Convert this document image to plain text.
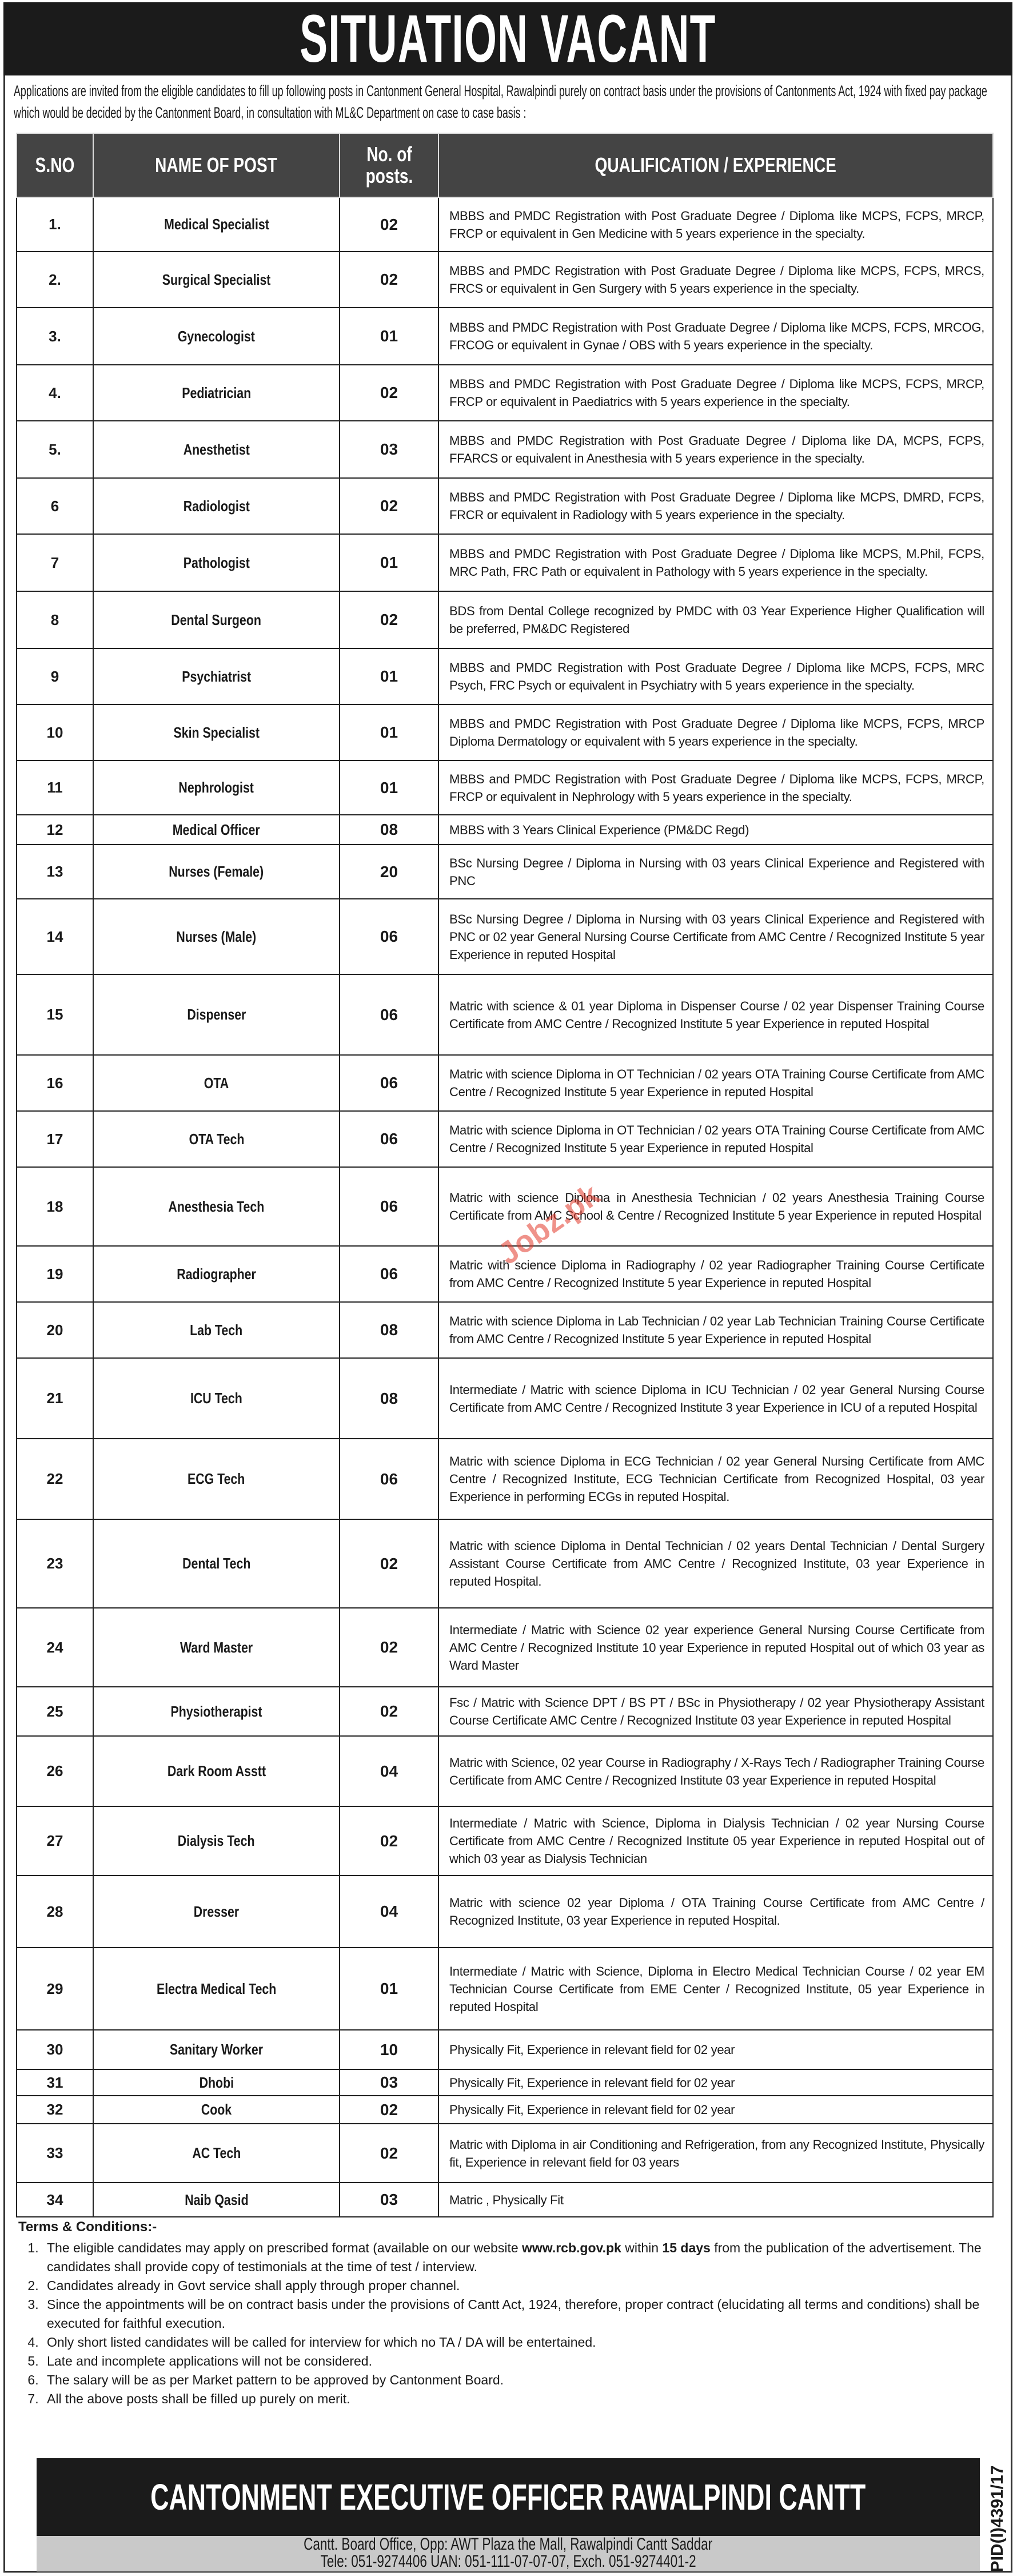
SITUATION VACANT
Applications are invited from the eligible candidates to fill up following posts in Cantonment General Hospital, Rawalpindi purely on contract basis under the provisions of Cantonments Act, 1924 with fixed pay package which would be decided by the Cantonment Board, in consultation with ML&C Department on case to case basis :
S.NO	NAME OF POST	No. of posts.	QUALIFICATION / EXPERIENCE
1.	Medical Specialist	02	MBBS and PMDC Registration with Post Graduate Degree / Diploma like MCPS, FCPS, MRCP, FRCP or equivalent in Gen Medicine with 5 years experience in the specialty.
2.	Surgical Specialist	02	MBBS and PMDC Registration with Post Graduate Degree / Diploma like MCPS, FCPS, MRCS, FRCS or equivalent in Gen Surgery with 5 years experience in the specialty.
3.	Gynecologist	01	MBBS and PMDC Registration with Post Graduate Degree / Diploma like MCPS, FCPS, MRCOG, FRCOG or equivalent in Gynae / OBS with 5 years experience in the specialty.
4.	Pediatrician	02	MBBS and PMDC Registration with Post Graduate Degree / Diploma like MCPS, FCPS, MRCP, FRCP or equivalent in Paediatrics with 5 years experience in the specialty.
5.	Anesthetist	03	MBBS and PMDC Registration with Post Graduate Degree / Diploma like DA, MCPS, FCPS, FFARCS or equivalent in Anesthesia with 5 years experience in the specialty.
6	Radiologist	02	MBBS and PMDC Registration with Post Graduate Degree / Diploma like MCPS, DMRD, FCPS, FRCR or equivalent in Radiology with 5 years experience in the specialty.
7	Pathologist	01	MBBS and PMDC Registration with Post Graduate Degree / Diploma like MCPS, M.Phil, FCPS, MRC Path, FRC Path or equivalent in Pathology with 5 years experience in the specialty.
8	Dental Surgeon	02	BDS from Dental College recognized by PMDC with 03 Year Experience Higher Qualification will be preferred, PM&DC Registered
9	Psychiatrist	01	MBBS and PMDC Registration with Post Graduate Degree / Diploma like MCPS, FCPS, MRC Psych, FRC Psych or equivalent in Psychiatry with 5 years experience in the specialty.
10	Skin Specialist	01	MBBS and PMDC Registration with Post Graduate Degree / Diploma like MCPS, FCPS, MRCP Diploma Dermatology or equivalent with 5 years experience in the specialty.
11	Nephrologist	01	MBBS and PMDC Registration with Post Graduate Degree / Diploma like MCPS, FCPS, MRCP, FRCP or equivalent in Nephrology with 5 years experience in the specialty.
12	Medical Officer	08	MBBS with 3 Years Clinical Experience (PM&DC Regd)
13	Nurses (Female)	20	BSc Nursing Degree / Diploma in Nursing with 03 years Clinical Experience and Registered with PNC
14	Nurses (Male)	06	BSc Nursing Degree / Diploma in Nursing with 03 years Clinical Experience and Registered with PNC or 02 year General Nursing Course Certificate from AMC Centre / Recognized Institute 5 year Experience in reputed Hospital
15	Dispenser	06	Matric with science & 01 year Diploma in Dispenser Course / 02 year Dispenser Training Course Certificate from AMC Centre / Recognized Institute 5 year Experience in reputed Hospital
16	OTA	06	Matric with science Diploma in OT Technician / 02 years OTA Training Course Certificate from AMC Centre / Recognized Institute 5 year Experience in reputed Hospital
17	OTA Tech	06	Matric with science Diploma in OT Technician / 02 years OTA Training Course Certificate from AMC Centre / Recognized Institute 5 year Experience in reputed Hospital
18	Anesthesia Tech	06	Matric with science Diploma in Anesthesia Technician / 02 years Anesthesia Training Course Certificate from AMC School & Centre / Recognized Institute 5 year Experience in reputed Hospital
19	Radiographer	06	Matric with science Diploma in Radiography / 02 year Radiographer Training Course Certificate from AMC Centre / Recognized Institute 5 year Experience in reputed Hospital
20	Lab Tech	08	Matric with science Diploma in Lab Technician / 02 year Lab Technician Training Course Certificate from AMC Centre / Recognized Institute 5 year Experience in reputed Hospital
21	ICU Tech	08	Intermediate / Matric with science Diploma in ICU Technician / 02 year General Nursing Course Certificate from AMC Centre / Recognized Institute 3 year Experience in ICU of a reputed Hospital
22	ECG Tech	06	Matric with science Diploma in ECG Technician / 02 year General Nursing Certificate from AMC Centre / Recognized Institute, ECG Technician Certificate from Recognized Hospital, 03 year Experience in performing ECGs in reputed Hospital.
23	Dental Tech	02	Matric with science Diploma in Dental Technician / 02 years Dental Technician / Dental Surgery Assistant Course Certificate from AMC Centre / Recognized Institute, 03 year Experience in reputed Hospital.
24	Ward Master	02	Intermediate / Matric with Science 02 year experience General Nursing Course Certificate from AMC Centre / Recognized Institute 10 year Experience in reputed Hospital out of which 03 year as Ward Master
25	Physiotherapist	02	Fsc / Matric with Science DPT / BS PT / BSc in Physiotherapy / 02 year Physiotherapy Assistant Course Certificate AMC Centre / Recognized Institute 03 year Experience in reputed Hospital
26	Dark Room Asstt	04	Matric with Science, 02 year Course in Radiography / X-Rays Tech / Radiographer Training Course Certificate from AMC Centre / Recognized Institute 03 year Experience in reputed Hospital
27	Dialysis Tech	02	Intermediate / Matric with Science, Diploma in Dialysis Technician / 02 year Nursing Course Certificate from AMC Centre / Recognized Institute 05 year Experience in reputed Hospital out of which 03 year as Dialysis Technician
28	Dresser	04	Matric with science 02 year Diploma / OTA Training Course Certificate from AMC Centre / Recognized Institute, 03 year Experience in reputed Hospital.
29	Electra Medical Tech	01	Intermediate / Matric with Science, Diploma in Electro Medical Technician Course / 02 year EM Technician Course Certificate from EME Center / Recognized Institute, 05 year Experience in reputed Hospital
30	Sanitary Worker	10	Physically Fit, Experience in relevant field for 02 year
31	Dhobi	03	Physically Fit, Experience in relevant field for 02 year
32	Cook	02	Physically Fit, Experience in relevant field for 02 year
33	AC Tech	02	Matric with Diploma in air Conditioning and Refrigeration, from any Recognized Institute, Physically fit, Experience in relevant field for 03 years
34	Naib Qasid	03	Matric , Physically Fit
Jobz.pk
Terms & Conditions:-
1. The eligible candidates may apply on prescribed format (available on our website www.rcb.gov.pk within 15 days from the publication of the advertisement. The candidates shall provide copy of testimonials at the time of test / interview.
2. Candidates already in Govt service shall apply through proper channel.
3. Since the appointments will be on contract basis under the provisions of Cantt Act, 1924, therefore, proper contract (elucidating all terms and conditions) shall be executed for faithful execution.
4. Only short listed candidates will be called for interview for which no TA / DA will be entertained.
5. Late and incomplete applications will not be considered.
6. The salary will be as per Market pattern to be approved by Cantonment Board.
7. All the above posts shall be filled up purely on merit.
CANTONMENT EXECUTIVE OFFICER RAWALPINDI CANTT
Cantt. Board Office, Opp: AWT Plaza the Mall, Rawalpindi Cantt Saddar
Tele: 051-9274406 UAN: 051-111-07-07-07, Exch. 051-9274401-2	PID(I)4391/17
